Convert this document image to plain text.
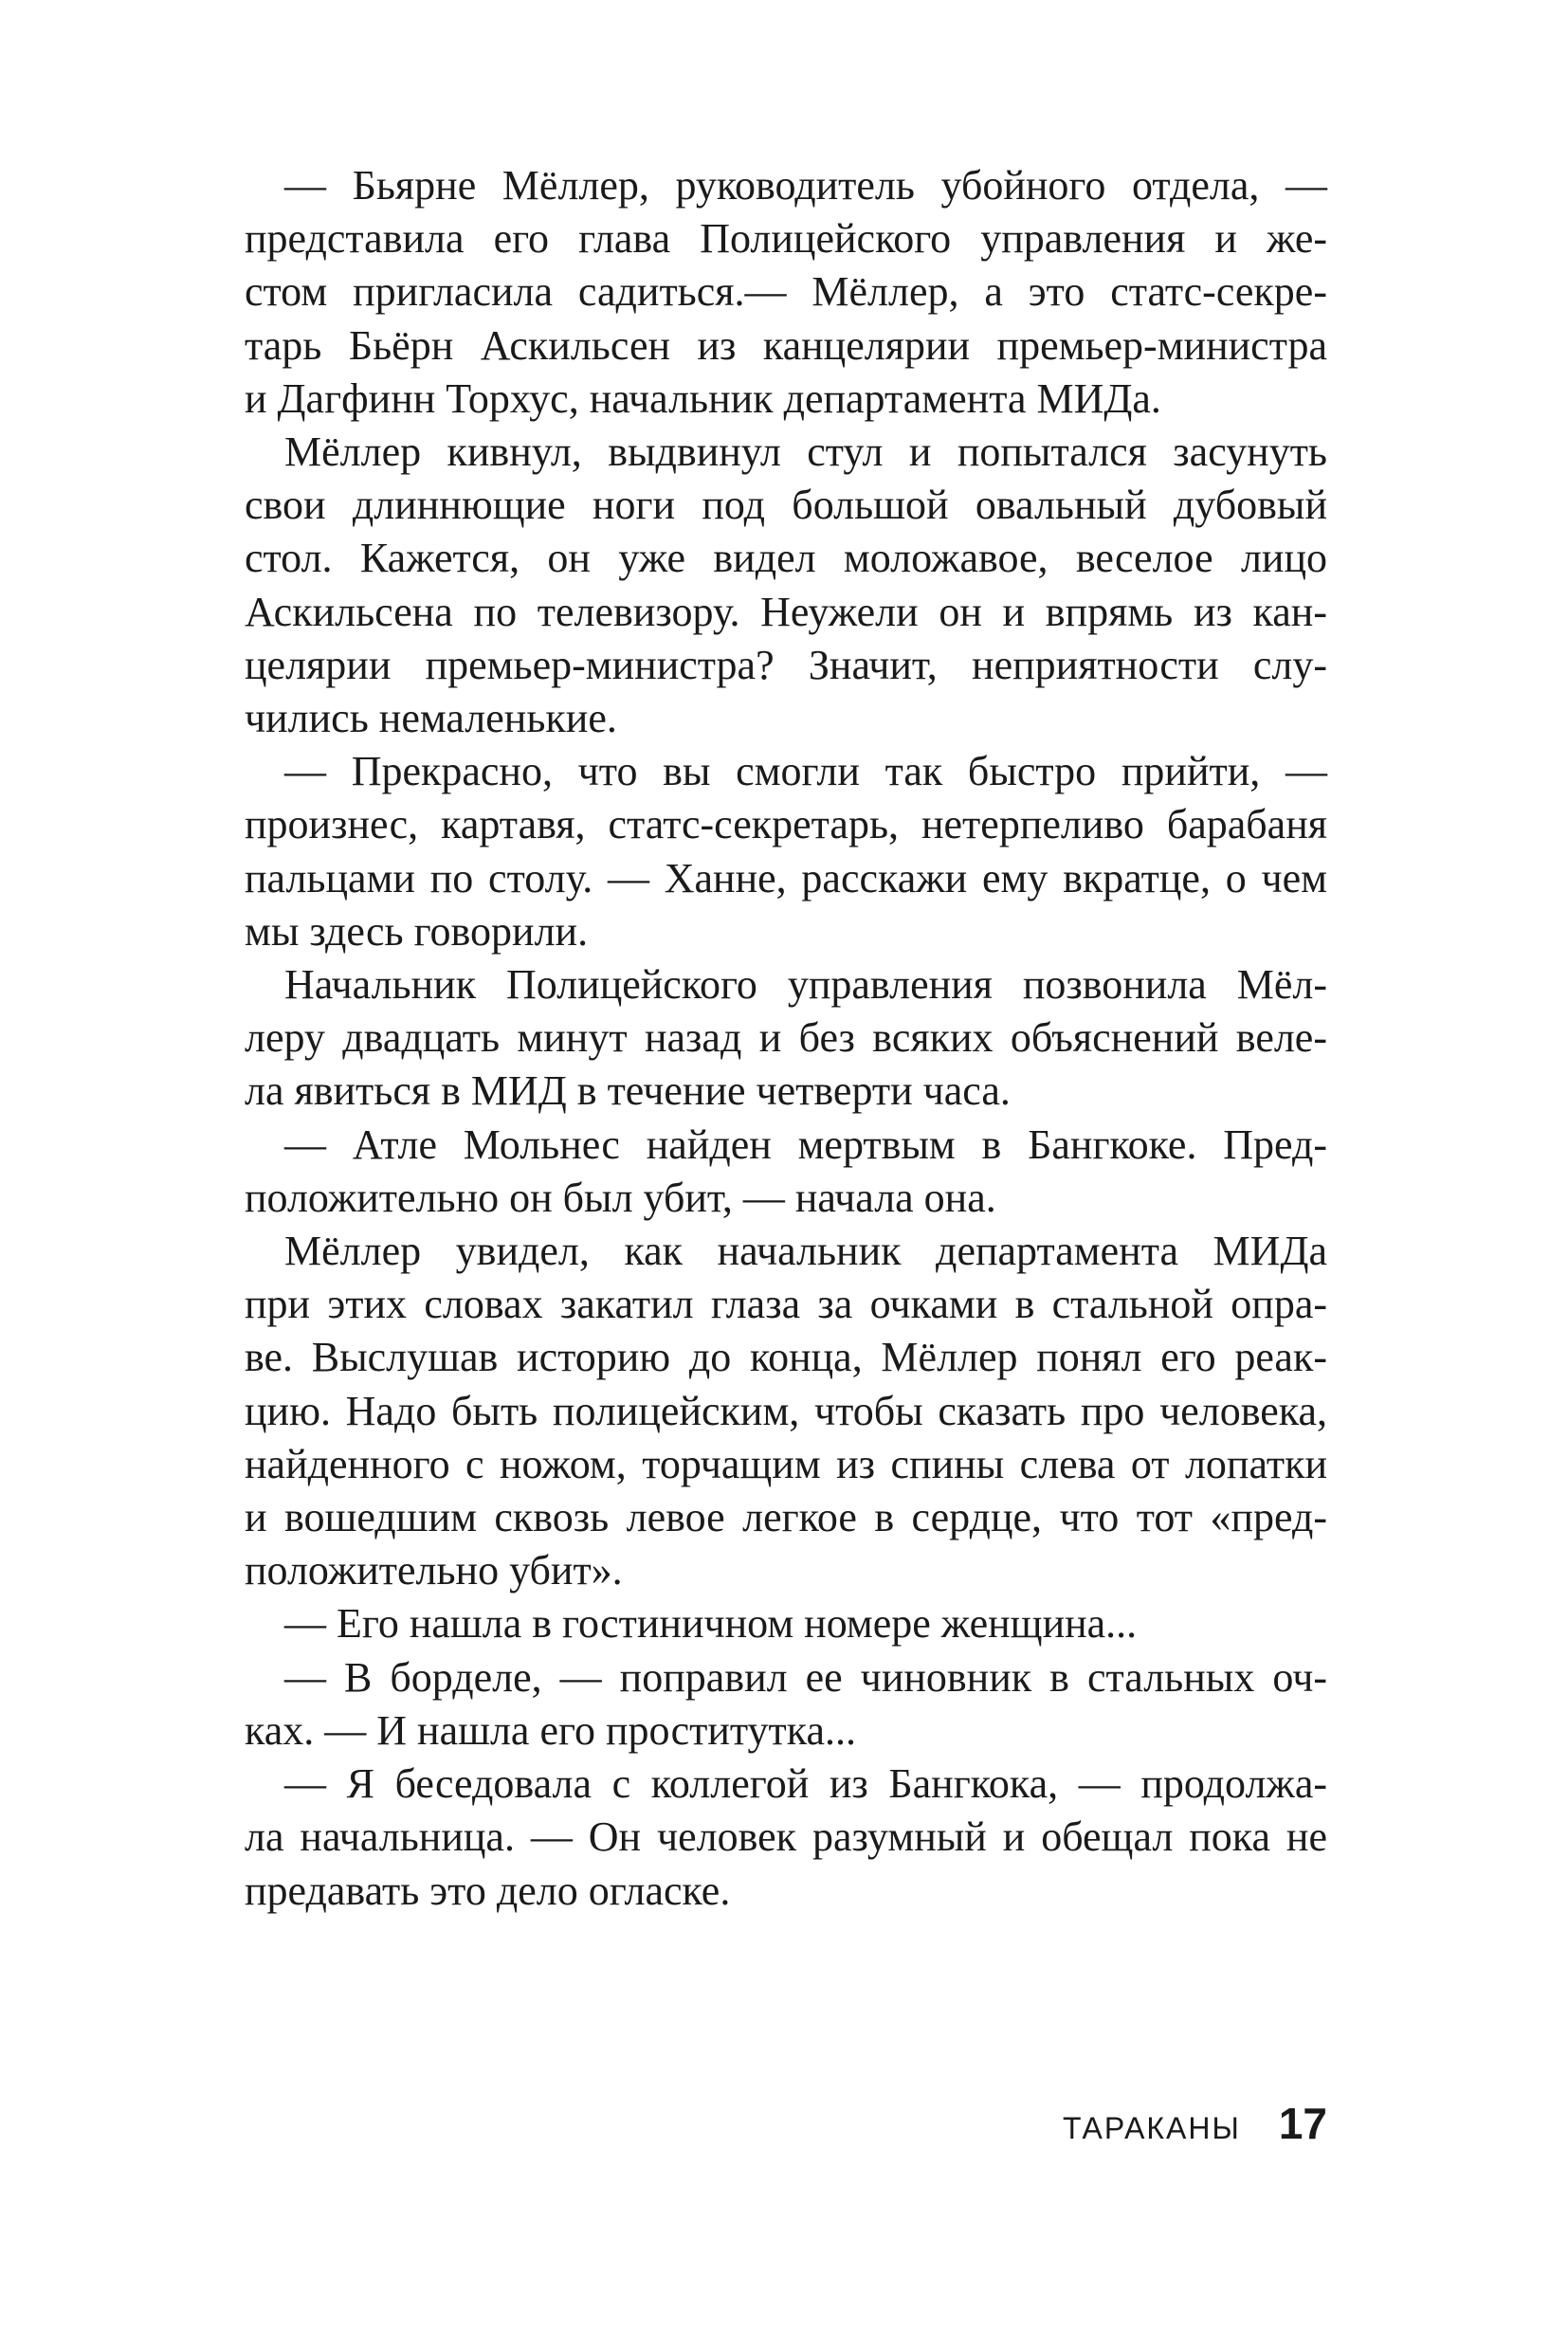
— Бьярне Мёллер, руководитель убойного отдела, —
представила его глава Полицейского управления и же-
стом пригласила садиться.— Мёллер, а это статс-секре-
тарь Бьёрн Аскильсен из канцелярии премьер-министра
и Дагфинн Торхус, начальник департамента МИДа.

Мёллер кивнул, выдвинул стул и попытался засунуть
свои длиннющие ноги под большой овальный дубовый
стол. Кажется, он уже видел моложавое, веселое лицо
Аскильсена по телевизору. Неужели он и впрямь из кан-
целярии премьер-министра? Значит, неприятности слу-
чились немаленькие.

— Прекрасно, что вы смогли так быстро прийти, —
произнес, картавя, статс-секретарь, нетерпеливо барабаня
пальцами по столу. — Ханне, расскажи ему вкратце, о чем
мы здесь говорили.

Начальник Полицейского управления позвонила Мёл-
леру двадцать минут назад и без всяких объяснений веле-
ла явиться в МИД в течение четверти часа.

— Атле Мольнес найден мертвым в Бангкоке. Пред-
положительно он был убит, — начала она.

Мёллер увидел, как начальник департамента МИДа
при этих словах закатил глаза за очками в стальной опра-
ве. Выслушав историю до конца, Мёллер понял его реак-
цию. Надо быть полицейским, чтобы сказать про человека,
найденного с ножом, торчащим из спины слева от лопатки
и вошедшим сквозь левое легкое в сердце, что тот «пред-
положительно убит».

— Его нашла в гостиничном номере женщина...

— В борделе, — поправил ее чиновник в стальных оч-
ках. — И нашла его проститутка...

— Я беседовала с коллегой из Бангкока, — продолжа-
ла начальница. — Он человек разумный и обещал пока не
предавать это дело огласке.

ТАРАКАНЫ 17
